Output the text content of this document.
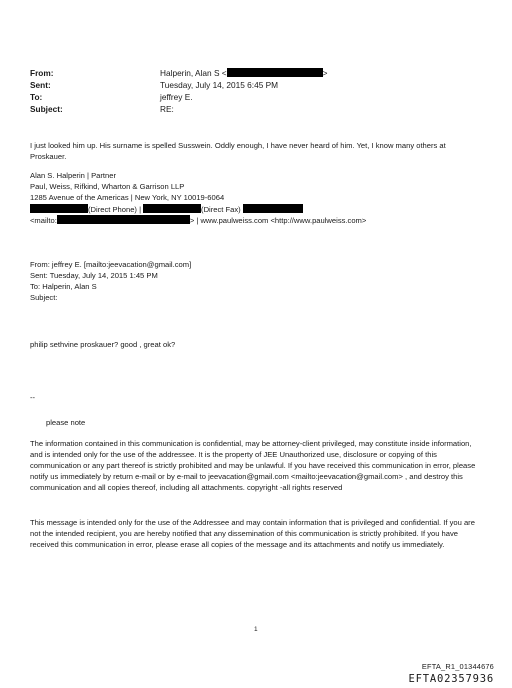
From:	Halperin, Alan S <	>
Sent:	Tuesday, July 14, 2015 6:45 PM
To:	jeffrey E.
Subject:	RE:
I just looked him up. His surname is spelled Susswein. Oddly enough, I have never heard of him. Yet, I know many others at Proskauer.
Alan S. Halperin | Partner
Paul, Weiss, Rifkind, Wharton & Garrison LLP
1285 Avenue of the Americas | New York, NY 10019-6064
(Direct Phone) |	(Direct Fax)
<mailto:	> | www.paulweiss.com <http://www.paulweiss.com>
From: jeffrey E. [mailto:jeevacation@gmail.com]
Sent: Tuesday, July 14, 2015 1:45 PM
To: Halperin, Alan S
Subject:
philip sethvine proskauer? good , great ok?
--
please note
The information contained in this communication is confidential, may be attorney-client privileged, may constitute inside information, and is intended only for the use of the addressee. It is the property of JEE Unauthorized use, disclosure or copying of this communication or any part thereof is strictly prohibited and may be unlawful. If you have received this communication in error, please notify us immediately by return e-mail or by e-mail to jeevacation@gmail.com <mailto:jeevacation@gmail.com> , and destroy this communication and all copies thereof, including all attachments. copyright -all rights reserved
This message is intended only for the use of the Addressee and may contain information that is privileged and confidential. If you are not the intended recipient, you are hereby notified that any dissemination of this communication is strictly prohibited. If you have received this communication in error, please erase all copies of the message and its attachments and notify us immediately.
1
EFTA_R1_01344676
EFTA02357936
